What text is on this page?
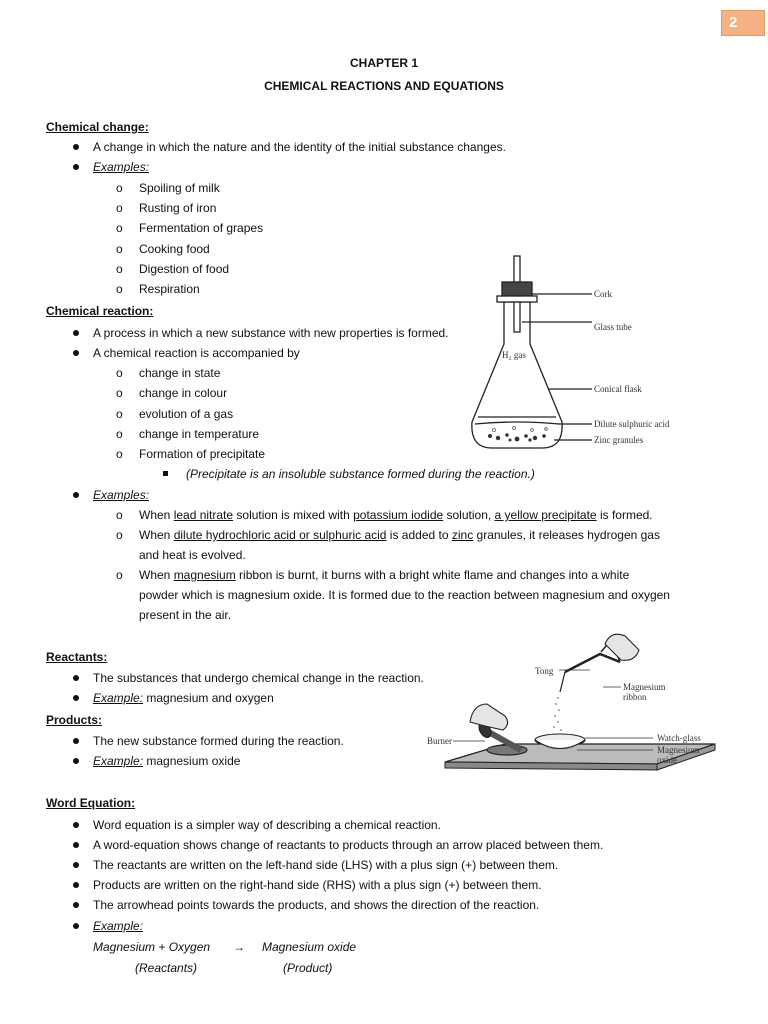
2
CHAPTER 1
CHEMICAL REACTIONS AND EQUATIONS
Chemical change:
A change in which the nature and the identity of the initial substance changes.
Examples:
o Spoiling of milk
o Rusting of iron
o Fermentation of grapes
o Cooking food
o Digestion of food
o Respiration
Chemical reaction:
A process in which a new substance with new properties is formed.
A chemical reaction is accompanied by
o change in state
o change in colour
o evolution of a gas
o change in temperature
o Formation of precipitate
(Precipitate is an insoluble substance formed during the reaction.)
Examples:
o When lead nitrate solution is mixed with potassium iodide solution, a yellow precipitate is formed.
o When dilute hydrochloric acid or sulphuric acid is added to zinc granules, it releases hydrogen gas
and heat is evolved.
o When magnesium ribbon is burnt, it burns with a bright white flame and changes into a white
powder which is magnesium oxide. It is formed due to the reaction between magnesium and oxygen
present in the air.
Cork
Glass tube
H₂ gas
Conical flask
Dilute sulphuric acid
Zinc granules
Reactants:
The substances that undergo chemical change in the reaction.
Example: magnesium and oxygen
Products:
The new substance formed during the reaction.
Example: magnesium oxide
Tong
Magnesium
ribbon
Burner	Watch-glass
Magnesium
oxide
Word Equation:
Word equation is a simpler way of describing a chemical reaction.
A word-equation shows change of reactants to products through an arrow placed between them.
The reactants are written on the left-hand side (LHS) with a plus sign (+) between them.
Products are written on the right-hand side (RHS) with a plus sign (+) between them.
The arrowhead points towards the products, and shows the direction of the reaction.
Example:
Magnesium + Oxygen → Magnesium oxide
(Reactants)	(Product)
